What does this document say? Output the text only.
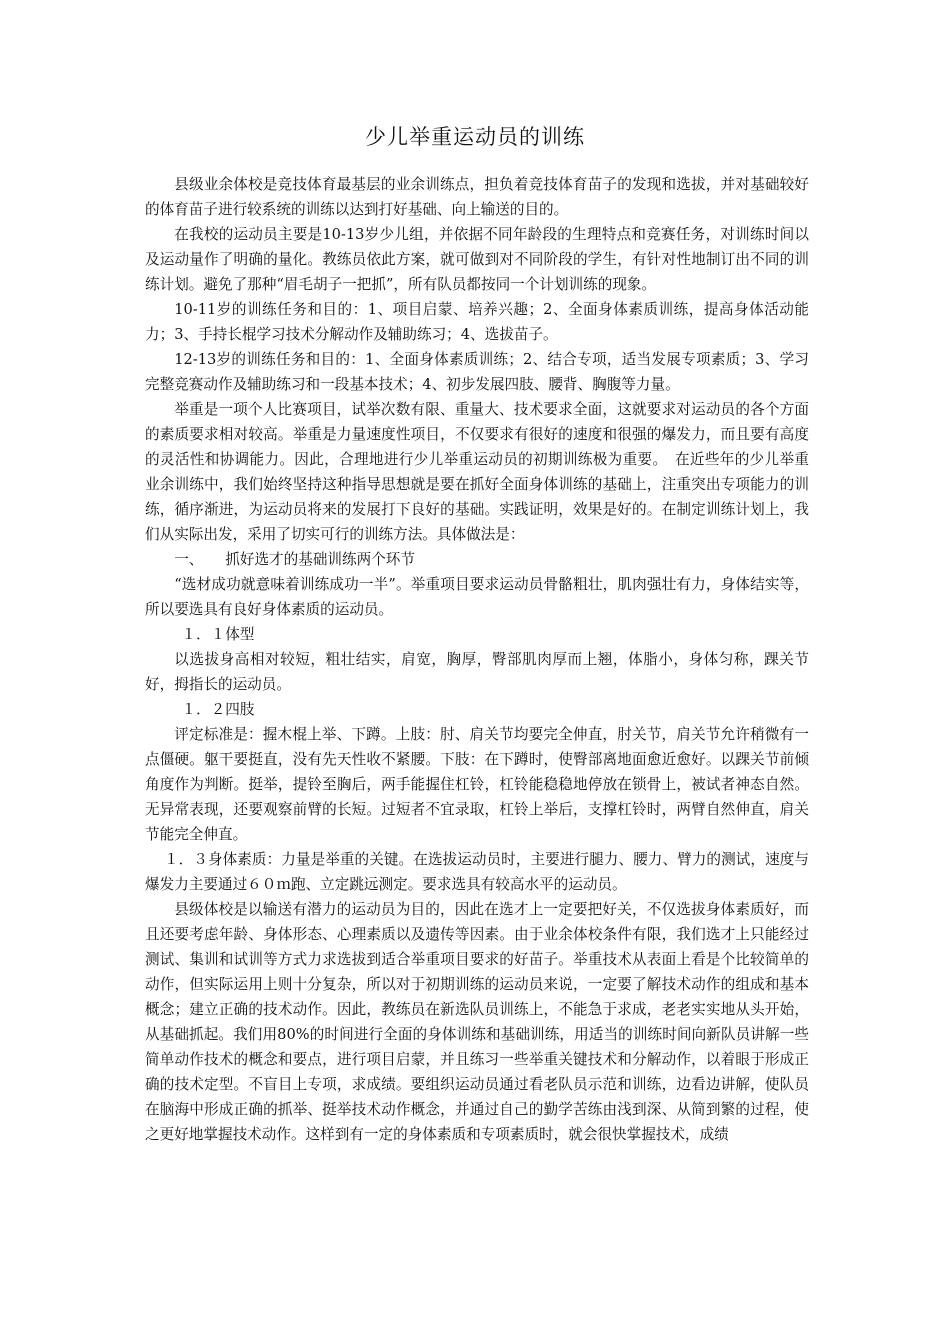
少儿举重运动员的训练

县级业余体校是竞技体育最基层的业余训练点，担负着竞技体育苗子的发现和选拔，并对基础较好的体育苗子进行较系统的训练以达到打好基础、向上输送的目的。

在我校的运动员主要是10-13岁少儿组，并依据不同年龄段的生理特点和竞赛任务，对训练时间以及运动量作了明确的量化。教练员依此方案，就可做到对不同阶段的学生，有针对性地制订出不同的训练计划。避免了那种“眉毛胡子一把抓”，所有队员都按同一个计划训练的现象。

10-11岁的训练任务和目的：1、项目启蒙、培养兴趣；2、全面身体素质训练，提高身体活动能力；3、手持长棍学习技术分解动作及辅助练习；4、选拔苗子。

12-13岁的训练任务和目的：1、全面身体素质训练；2、结合专项，适当发展专项素质；3、学习完整竞赛动作及辅助练习和一段基本技术；4、初步发展四肢、腰背、胸腹等力量。

举重是一项个人比赛项目，试举次数有限、重量大、技术要求全面，这就要求对运动员的各个方面的素质要求相对较高。举重是力量速度性项目，不仅要求有很好的速度和很强的爆发力，而且要有高度的灵活性和协调能力。因此，合理地进行少儿举重运动员的初期训练极为重要。　在近些年的少儿举重业余训练中，我们始终坚持这种指导思想就是要在抓好全面身体训练的基础上，注重突出专项能力的训练，循序渐进，为运动员将来的发展打下良好的基础。实践证明，效果是好的。在制定训练计划上，我们从实际出发，采用了切实可行的训练方法。具体做法是：

一、　　抓好选才的基础训练两个环节

“选材成功就意味着训练成功一半”。举重项目要求运动员骨骼粗壮，肌肉强壮有力，身体结实等，所以要选具有良好身体素质的运动员。

１．１体型

以选拔身高相对较短，粗壮结实，肩宽，胸厚，臀部肌肉厚而上翘，体脂小，身体匀称，踝关节好，拇指长的运动员。

１．２四肢

评定标准是：握木棍上举、下蹲。上肢：肘、肩关节均要完全伸直，肘关节，肩关节允许稍微有一点僵硬。躯干要挺直，没有先天性收不紧腰。下肢：在下蹲时，使臀部离地面愈近愈好。以踝关节前倾角度作为判断。挺举，提铃至胸后，两手能握住杠铃，杠铃能稳稳地停放在锁骨上，被试者神态自然。无异常表现，还要观察前臂的长短。过短者不宜录取，杠铃上举后，支撑杠铃时，两臂自然伸直，肩关节能完全伸直。

１．３身体素质：力量是举重的关键。在选拔运动员时，主要进行腿力、腰力、臂力的测试，速度与爆发力主要通过６０ｍ跑、立定跳远测定。要求选具有较高水平的运动员。

县级体校是以输送有潜力的运动员为目的，因此在选才上一定要把好关，不仅选拔身体素质好，而且还要考虑年龄、身体形态、心理素质以及遗传等因素。由于业余体校条件有限，我们选才上只能经过测试、集训和试训等方式力求选拔到适合举重项目要求的好苗子。举重技术从表面上看是个比较简单的动作，但实际运用上则十分复杂，所以对于初期训练的运动员来说，一定要了解技术动作的组成和基本概念；建立正确的技术动作。因此，教练员在新选队员训练上，不能急于求成，老老实实地从头开始，从基础抓起。我们用80%的时间进行全面的身体训练和基础训练，用适当的训练时间向新队员讲解一些简单动作技术的概念和要点，进行项目启蒙，并且练习一些举重关键技术和分解动作，以着眼于形成正确的技术定型。不盲目上专项，求成绩。要组织运动员通过看老队员示范和训练，边看边讲解，使队员在脑海中形成正确的抓举、挺举技术动作概念，并通过自己的勤学苦练由浅到深、从简到繁的过程，使之更好地掌握技术动作。这样到有一定的身体素质和专项素质时，就会很快掌握技术，成绩
